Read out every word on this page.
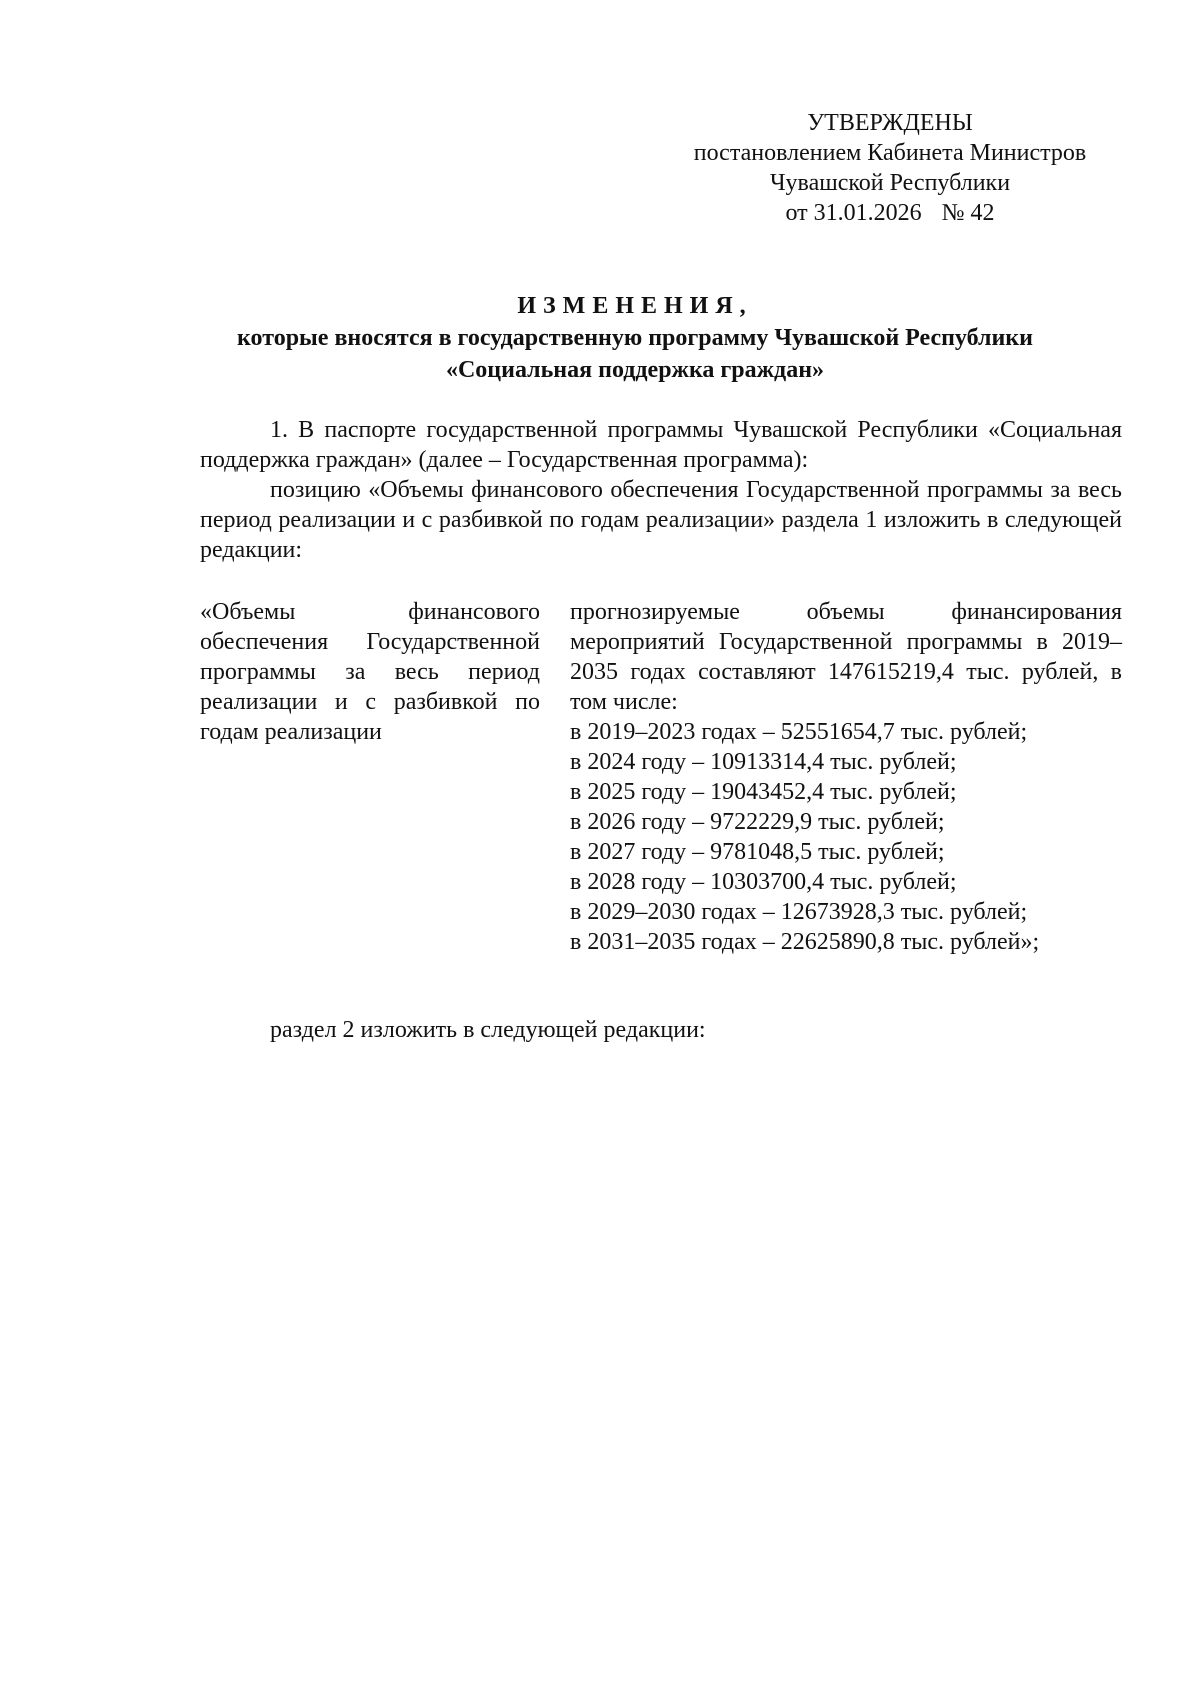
УТВЕРЖДЕНЫ
постановлением Кабинета Министров
Чувашской Республики
от 31.01.2026 № 42
ИЗМЕНЕНИЯ,
которые вносятся в государственную программу Чувашской Республики
«Социальная поддержка граждан»

1. В паспорте государственной программы Чувашской Республики «Социальная поддержка граждан» (далее – Государственная программа):

позицию «Объемы финансового обеспечения Государственной программы за весь период реализации и с разбивкой по годам реализации» раздела 1 изложить в следующей редакции:

«Объемы финансового обеспечения Государственной программы за весь период реализации и с разбивкой по годам реализации
прогнозируемые объемы финансирования мероприятий Государственной программы в 2019–2035 годах составляют 147615219,4 тыс. рублей, в том числе:
в 2019–2023 годах – 52551654,7 тыс. рублей;
в 2024 году – 10913314,4 тыс. рублей;
в 2025 году – 19043452,4 тыс. рублей;
в 2026 году – 9722229,9 тыс. рублей;
в 2027 году – 9781048,5 тыс. рублей;
в 2028 году – 10303700,4 тыс. рублей;
в 2029–2030 годах – 12673928,3 тыс. рублей;
в 2031–2035 годах – 22625890,8 тыс. рублей»;
раздел 2 изложить в следующей редакции:
